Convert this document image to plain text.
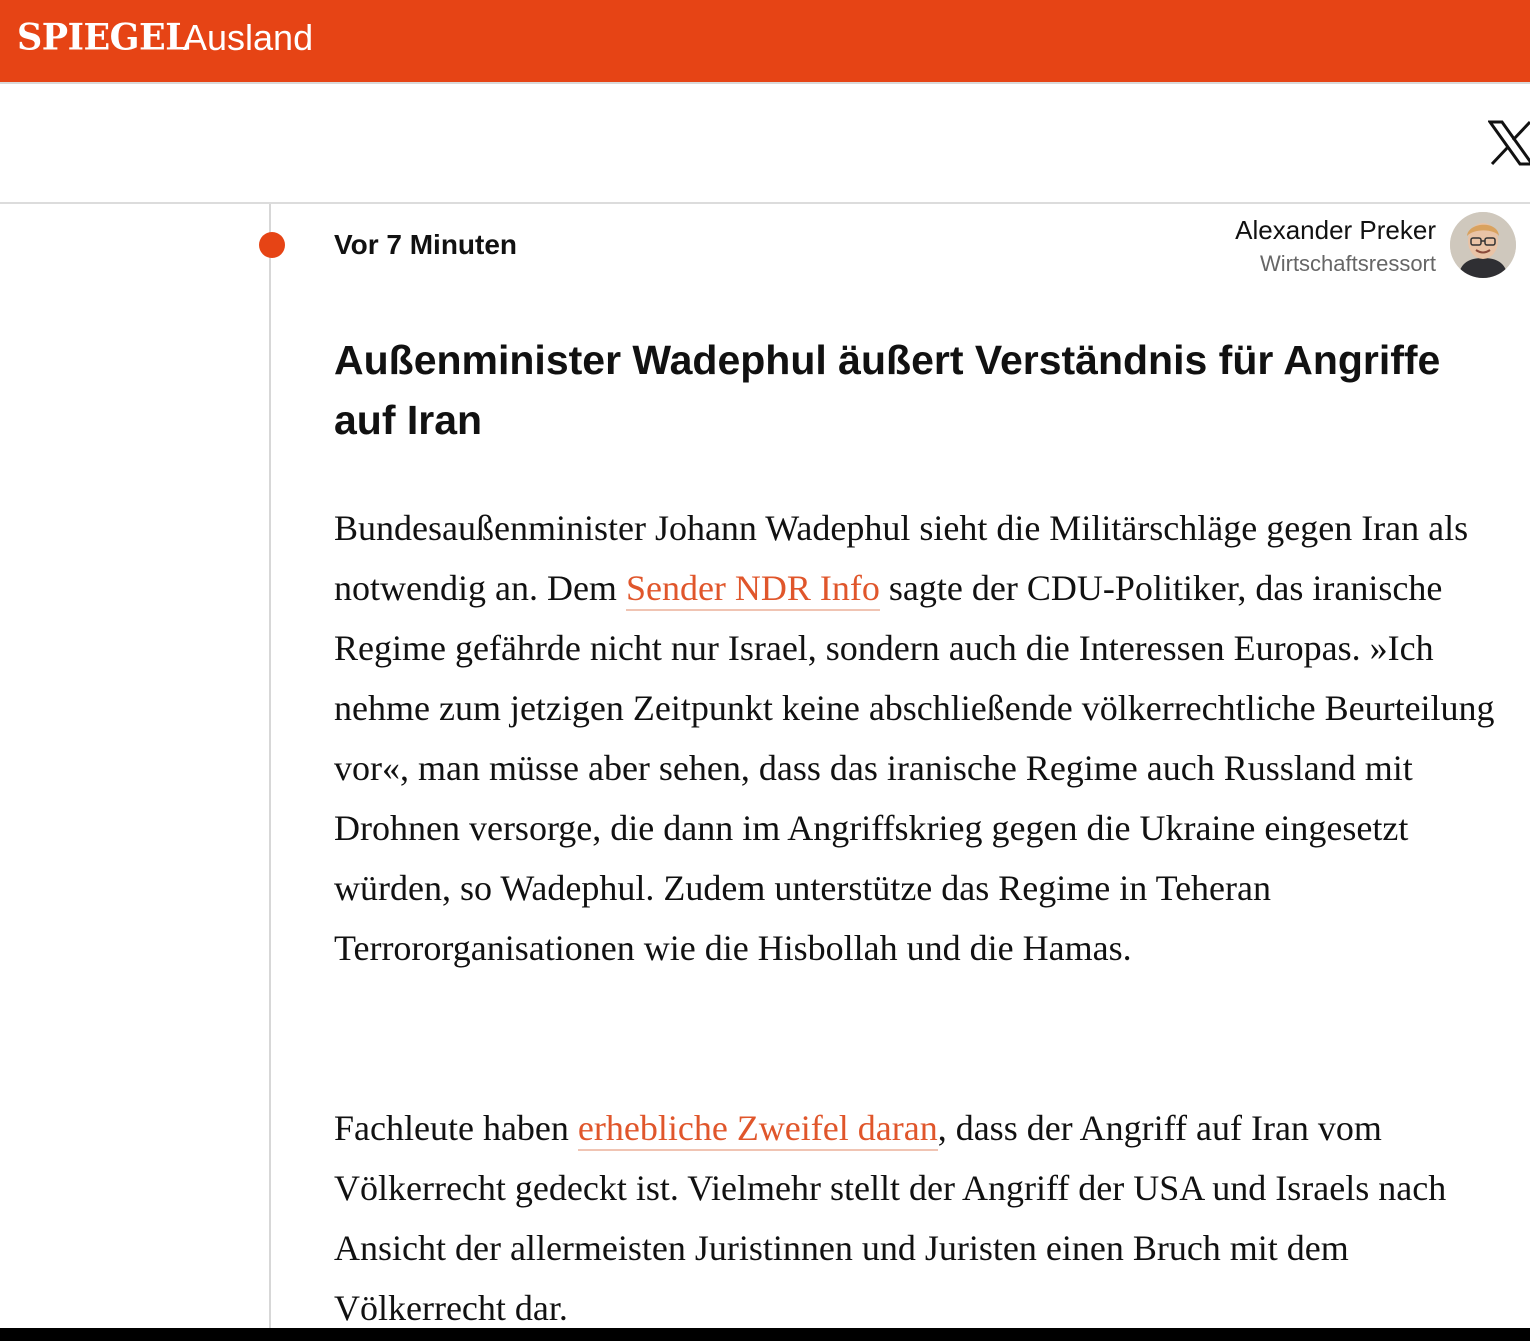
SPIEGEL
Ausland
Vor 7 Minuten	Alexander Preker
Wirtschaftsressort
Außenminister Wadephul äußert Verständnis für Angriffe auf Iran

Bundesaußenminister Johann Wadephul sieht die Militärschläge gegen Iran als notwendig an. Dem Sender NDR Info sagte der CDU-Politiker, das iranische Regime gefährde nicht nur Israel, sondern auch die Interessen Europas. »Ich nehme zum jetzigen Zeitpunkt keine abschließende völkerrechtliche Beurteilung vor«, man müsse aber sehen, dass das iranische Regime auch Russland mit Drohnen versorge, die dann im Angriffskrieg gegen die Ukraine eingesetzt würden, so Wadephul. Zudem unterstütze das Regime in Teheran Terrororganisationen wie die Hisbollah und die Hamas.

Fachleute haben erhebliche Zweifel daran, dass der Angriff auf Iran vom Völkerrecht gedeckt ist. Vielmehr stellt der Angriff der USA und Israels nach Ansicht der allermeisten Juristinnen und Juristen einen Bruch mit dem Völkerrecht dar.
